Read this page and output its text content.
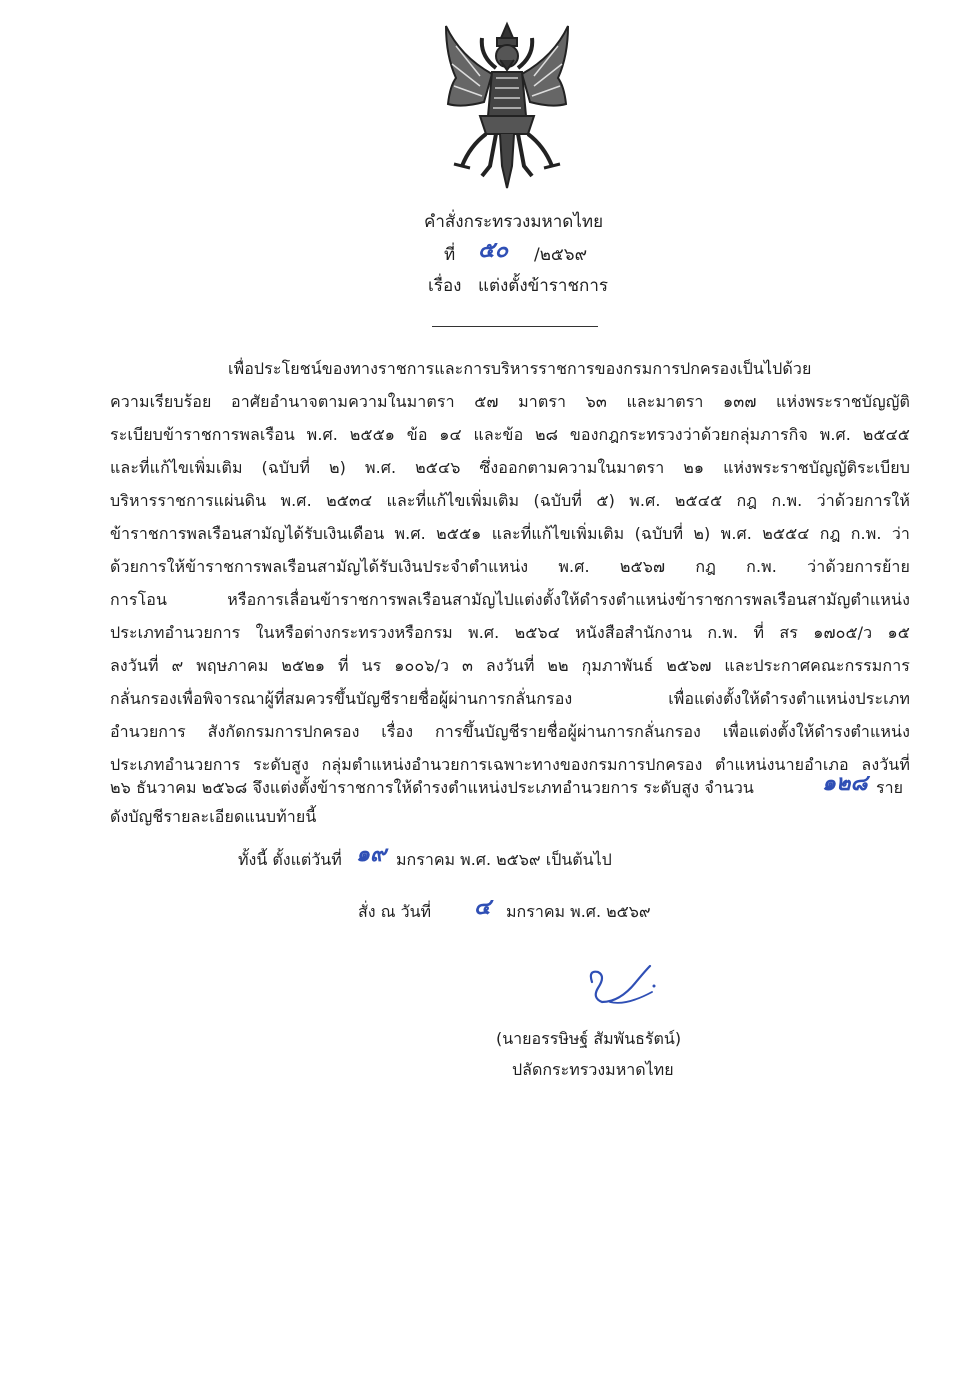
คำสั่งกระทรวงมหาดไทย
ที่ ๕๐ /๒๕๖๙
เรื่อง แต่งตั้งข้าราชการ
เพื่อประโยชน์ของทางราชการและการบริหารราชการของกรมการปกครองเป็นไปด้วย
ความเรียบร้อย อาศัยอำนาจตามความในมาตรา ๕๗ มาตรา ๖๓ และมาตรา ๑๓๗ แห่งพระราชบัญญัติ
ระเบียบข้าราชการพลเรือน พ.ศ. ๒๕๕๑ ข้อ ๑๔ และข้อ ๒๘ ของกฎกระทรวงว่าด้วยกลุ่มภารกิจ พ.ศ. ๒๕๔๕
และที่แก้ไขเพิ่มเติม (ฉบับที่ ๒) พ.ศ. ๒๕๔๖ ซึ่งออกตามความในมาตรา ๒๑ แห่งพระราชบัญญัติระเบียบ
บริหารราชการแผ่นดิน พ.ศ. ๒๕๓๔ และที่แก้ไขเพิ่มเติม (ฉบับที่ ๕) พ.ศ. ๒๕๔๕ กฎ ก.พ. ว่าด้วยการให้
ข้าราชการพลเรือนสามัญได้รับเงินเดือน พ.ศ. ๒๕๕๑ และที่แก้ไขเพิ่มเติม (ฉบับที่ ๒) พ.ศ. ๒๕๕๔ กฎ ก.พ. ว่า
ด้วยการให้ข้าราชการพลเรือนสามัญได้รับเงินประจำตำแหน่ง พ.ศ. ๒๕๖๗ กฎ ก.พ. ว่าด้วยการย้าย
การโอน หรือการเลื่อนข้าราชการพลเรือนสามัญไปแต่งตั้งให้ดำรงตำแหน่งข้าราชการพลเรือนสามัญตำแหน่ง
ประเภทอำนวยการ ในหรือต่างกระทรวงหรือกรม พ.ศ. ๒๕๖๔ หนังสือสำนักงาน ก.พ. ที่ สร ๑๗๐๕/ว ๑๕
ลงวันที่ ๙ พฤษภาคม ๒๕๒๑ ที่ นร ๑๐๐๖/ว ๓ ลงวันที่ ๒๒ กุมภาพันธ์ ๒๕๖๗ และประกาศคณะกรรมการ
กลั่นกรองเพื่อพิจารณาผู้ที่สมควรขึ้นบัญชีรายชื่อผู้ผ่านการกลั่นกรอง เพื่อแต่งตั้งให้ดำรงตำแหน่งประเภท
อำนวยการ สังกัดกรมการปกครอง เรื่อง การขึ้นบัญชีรายชื่อผู้ผ่านการกลั่นกรอง เพื่อแต่งตั้งให้ดำรงตำแหน่ง
ประเภทอำนวยการ ระดับสูง กลุ่มตำแหน่งอำนวยการเฉพาะทางของกรมการปกครอง ตำแหน่งนายอำเภอ ลงวันที่
๒๖ ธันวาคม ๒๕๖๘ จึงแต่งตั้งข้าราชการให้ดำรงตำแหน่งประเภทอำนวยการ ระดับสูง จำนวน	๑๒๘ ราย
ดังบัญชีรายละเอียดแนบท้ายนี้
ทั้งนี้ ตั้งแต่วันที่ ๑๙ มกราคม พ.ศ. ๒๕๖๙ เป็นต้นไป
สั่ง ณ วันที่ ๔ มกราคม พ.ศ. ๒๕๖๙
(นายอรรษิษฐ์ สัมพันธรัตน์)
ปลัดกระทรวงมหาดไทย
